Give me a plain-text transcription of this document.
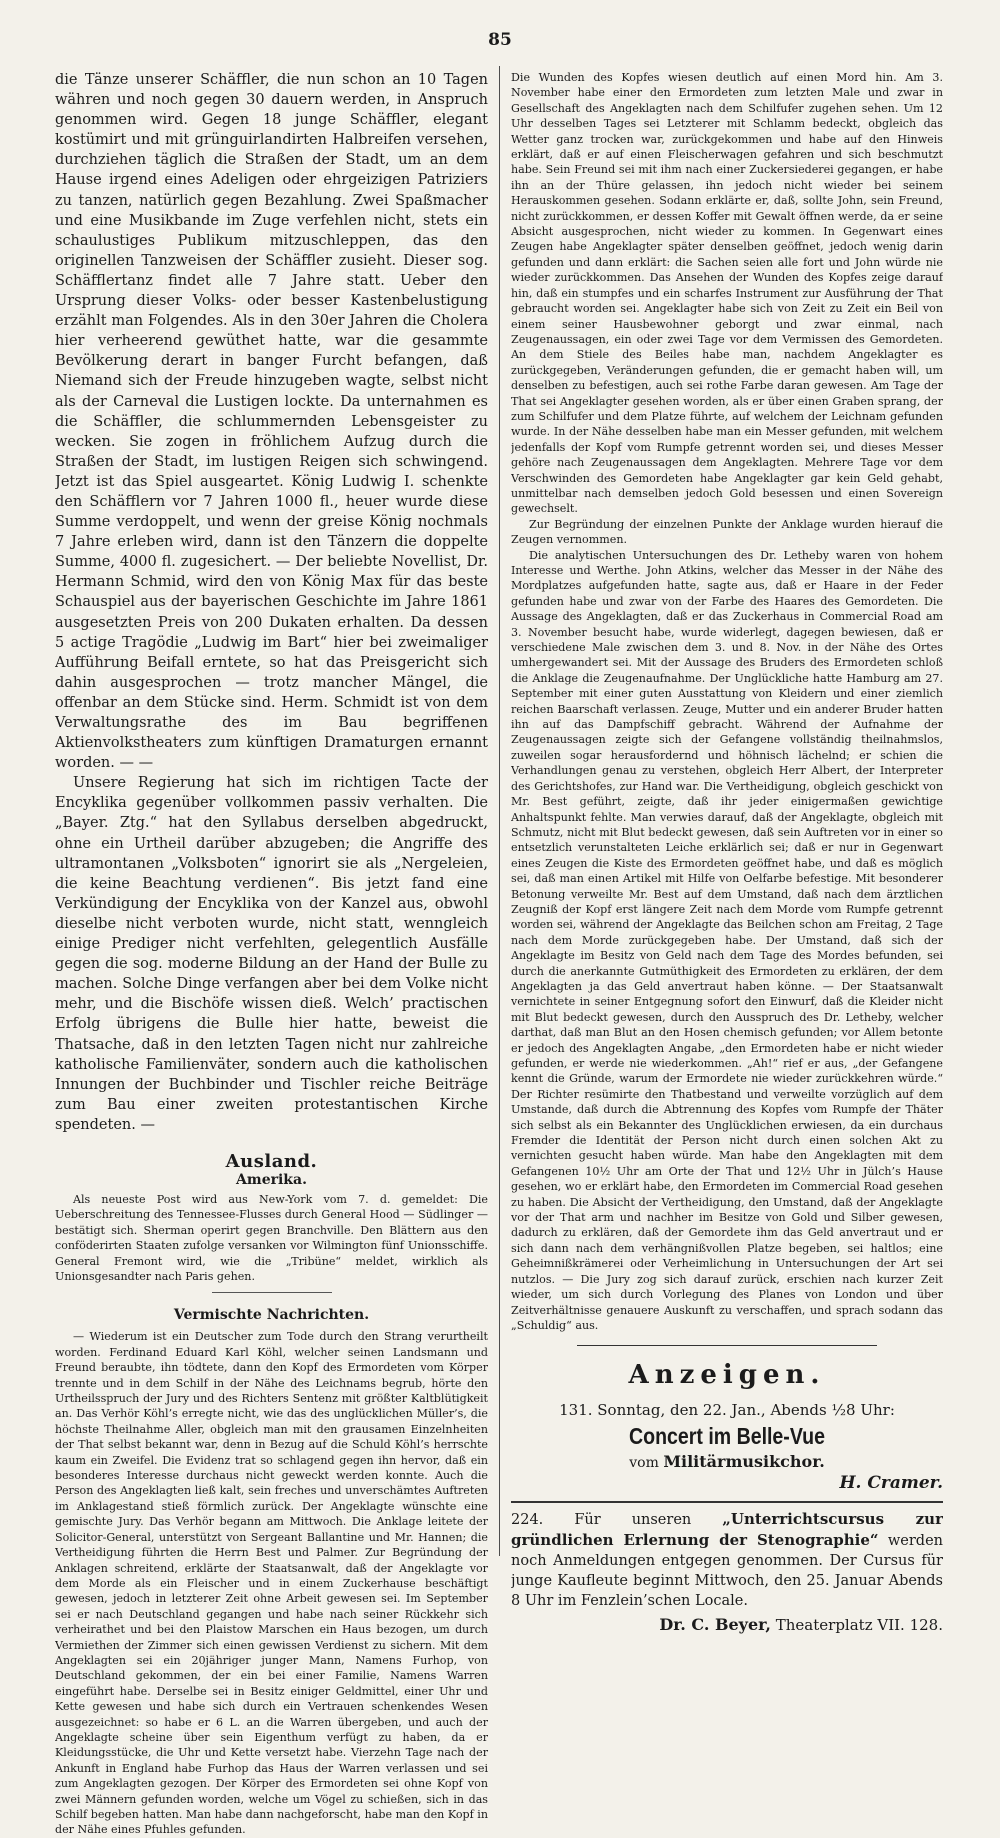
85

die Tänze unserer Schäffler, die nun schon an 10 Tagen währen und noch gegen 30 dauern werden, in Anspruch genommen wird. Gegen 18 junge Schäffler, elegant kostümirt und mit grünguirlandirten Halbreifen versehen, durchziehen täglich die Straßen der Stadt, um an dem Hause irgend eines Adeligen oder ehrgeizigen Patriziers zu tanzen, natürlich gegen Bezahlung. Zwei Spaßmacher und eine Musikbande im Zuge verfehlen nicht, stets ein schaulustiges Publikum mitzuschleppen, das den originellen Tanzweisen der Schäffler zusieht. Dieser sog. Schäfflertanz findet alle 7 Jahre statt. Ueber den Ursprung dieser Volks- oder besser Kastenbelustigung erzählt man Folgendes. Als in den 30er Jahren die Cholera hier verheerend gewüthet hatte, war die gesammte Bevölkerung derart in banger Furcht befangen, daß Niemand sich der Freude hinzugeben wagte, selbst nicht als der Carneval die Lustigen lockte. Da unternahmen es die Schäffler, die schlummernden Lebensgeister zu wecken. Sie zogen in fröhlichem Aufzug durch die Straßen der Stadt, im lustigen Reigen sich schwingend. Jetzt ist das Spiel ausgeartet. König Ludwig I. schenkte den Schäfflern vor 7 Jahren 1000 fl., heuer wurde diese Summe verdoppelt, und wenn der greise König nochmals 7 Jahre erleben wird, dann ist den Tänzern die doppelte Summe, 4000 fl. zugesichert. — Der beliebte Novellist, Dr. Hermann Schmid, wird den von König Max für das beste Schauspiel aus der bayerischen Geschichte im Jahre 1861 ausgesetzten Preis von 200 Dukaten erhalten. Da dessen 5 actige Tragödie „Ludwig im Bart“ hier bei zweimaliger Aufführung Beifall erntete, so hat das Preisgericht sich dahin ausgesprochen — trotz mancher Mängel, die offenbar an dem Stücke sind. Herm. Schmidt ist von dem Verwaltungsrathe des im Bau begriffenen Aktienvolkstheaters zum künftigen Dramaturgen ernannt worden. — —

Unsere Regierung hat sich im richtigen Tacte der Encyklika gegenüber vollkommen passiv verhalten. Die „Bayer. Ztg.“ hat den Syllabus derselben abgedruckt, ohne ein Urtheil darüber abzugeben; die Angriffe des ultramontanen „Volksboten“ ignorirt sie als „Nergeleien, die keine Beachtung verdienen“. Bis jetzt fand eine Verkündigung der Encyklika von der Kanzel aus, obwohl dieselbe nicht verboten wurde, nicht statt, wenngleich einige Prediger nicht verfehlten, gelegentlich Ausfälle gegen die sog. moderne Bildung an der Hand der Bulle zu machen. Solche Dinge verfangen aber bei dem Volke nicht mehr, und die Bischöfe wissen dieß. Welch’ practischen Erfolg übrigens die Bulle hier hatte, beweist die Thatsache, daß in den letzten Tagen nicht nur zahlreiche katholische Familienväter, sondern auch die katholischen Innungen der Buchbinder und Tischler reiche Beiträge zum Bau einer zweiten protestantischen Kirche spendeten. —

Ausland.
Amerika.

Als neueste Post wird aus New-York vom 7. d. gemeldet: Die Ueberschreitung des Tennessee-Flusses durch General Hood — Südlinger — bestätigt sich. Sherman operirt gegen Branchville. Den Blättern aus den conföderirten Staaten zufolge versanken vor Wilmington fünf Unionsschiffe. General Fremont wird, wie die „Tribüne“ meldet, wirklich als Unionsgesandter nach Paris gehen.

Vermischte Nachrichten.

— Wiederum ist ein Deutscher zum Tode durch den Strang verurtheilt worden. Ferdinand Eduard Karl Köhl, welcher seinen Landsmann und Freund beraubte, ihn tödtete, dann den Kopf des Ermordeten vom Körper trennte und in dem Schilf in der Nähe des Leichnams begrub, hörte den Urtheilsspruch der Jury und des Richters Sentenz mit größter Kaltblütigkeit an. Das Verhör Köhl’s erregte nicht, wie das des unglücklichen Müller’s, die höchste Theilnahme Aller, obgleich man mit den grausamen Einzelnheiten der That selbst bekannt war, denn in Bezug auf die Schuld Köhl’s herrschte kaum ein Zweifel. Die Evidenz trat so schlagend gegen ihn hervor, daß ein besonderes Interesse durchaus nicht geweckt werden konnte. Auch die Person des Angeklagten ließ kalt, sein freches und unverschämtes Auftreten im Anklagestand stieß förmlich zurück. Der Angeklagte wünschte eine gemischte Jury. Das Verhör begann am Mittwoch. Die Anklage leitete der Solicitor-General, unterstützt von Sergeant Ballantine und Mr. Hannen; die Vertheidigung führten die Herrn Best und Palmer. Zur Begründung der Anklagen schreitend, erklärte der Staatsanwalt, daß der Angeklagte vor dem Morde als ein Fleischer und in einem Zuckerhause beschäftigt gewesen, jedoch in letzterer Zeit ohne Arbeit gewesen sei. Im September sei er nach Deutschland gegangen und habe nach seiner Rückkehr sich verheirathet und bei den Plaistow Marschen ein Haus bezogen, um durch Vermiethen der Zimmer sich einen gewissen Verdienst zu sichern. Mit dem Angeklagten sei ein 20jähriger junger Mann, Namens Furhop, von Deutschland gekommen, der ein bei einer Familie, Namens Warren eingeführt habe. Derselbe sei in Besitz einiger Geldmittel, einer Uhr und Kette gewesen und habe sich durch ein Vertrauen schenkendes Wesen ausgezeichnet: so habe er 6 L. an die Warren übergeben, und auch der Angeklagte scheine über sein Eigenthum verfügt zu haben, da er Kleidungsstücke, die Uhr und Kette versetzt habe. Vierzehn Tage nach der Ankunft in England habe Furhop das Haus der Warren verlassen und sei zum Angeklagten gezogen. Der Körper des Ermordeten sei ohne Kopf von zwei Männern gefunden worden, welche um Vögel zu schießen, sich in das Schilf begeben hatten. Man habe dann nachgeforscht, habe man den Kopf in der Nähe eines Pfuhles gefunden.

Die Wunden des Kopfes wiesen deutlich auf einen Mord hin. Am 3. November habe einer den Ermordeten zum letzten Male und zwar in Gesellschaft des Angeklagten nach dem Schilfufer zugehen sehen. Um 12 Uhr desselben Tages sei Letzterer mit Schlamm bedeckt, obgleich das Wetter ganz trocken war, zurückgekommen und habe auf den Hinweis erklärt, daß er auf einen Fleischerwagen gefahren und sich beschmutzt habe. Sein Freund sei mit ihm nach einer Zuckersiederei gegangen, er habe ihn an der Thüre gelassen, ihn jedoch nicht wieder bei seinem Herauskommen gesehen. Sodann erklärte er, daß, sollte John, sein Freund, nicht zurückkommen, er dessen Koffer mit Gewalt öffnen werde, da er seine Absicht ausgesprochen, nicht wieder zu kommen. In Gegenwart eines Zeugen habe Angeklagter später denselben geöffnet, jedoch wenig darin gefunden und dann erklärt: die Sachen seien alle fort und John würde nie wieder zurückkommen. Das Ansehen der Wunden des Kopfes zeige darauf hin, daß ein stumpfes und ein scharfes Instrument zur Ausführung der That gebraucht worden sei. Angeklagter habe sich von Zeit zu Zeit ein Beil von einem seiner Hausbewohner geborgt und zwar einmal, nach Zeugenaussagen, ein oder zwei Tage vor dem Vermissen des Gemordeten. An dem Stiele des Beiles habe man, nachdem Angeklagter es zurückgegeben, Veränderungen gefunden, die er gemacht haben will, um denselben zu befestigen, auch sei rothe Farbe daran gewesen. Am Tage der That sei Angeklagter gesehen worden, als er über einen Graben sprang, der zum Schilfufer und dem Platze führte, auf welchem der Leichnam gefunden wurde. In der Nähe desselben habe man ein Messer gefunden, mit welchem jedenfalls der Kopf vom Rumpfe getrennt worden sei, und dieses Messer gehöre nach Zeugenaussagen dem Angeklagten. Mehrere Tage vor dem Verschwinden des Gemordeten habe Angeklagter gar kein Geld gehabt, unmittelbar nach demselben jedoch Gold besessen und einen Sovereign gewechselt.

Zur Begründung der einzelnen Punkte der Anklage wurden hierauf die Zeugen vernommen.

Die analytischen Untersuchungen des Dr. Letheby waren von hohem Interesse und Werthe. John Atkins, welcher das Messer in der Nähe des Mordplatzes aufgefunden hatte, sagte aus, daß er Haare in der Feder gefunden habe und zwar von der Farbe des Haares des Gemordeten. Die Aussage des Angeklagten, daß er das Zuckerhaus in Commercial Road am 3. November besucht habe, wurde widerlegt, dagegen bewiesen, daß er verschiedene Male zwischen dem 3. und 8. Nov. in der Nähe des Ortes umhergewandert sei. Mit der Aussage des Bruders des Ermordeten schloß die Anklage die Zeugenaufnahme. Der Unglückliche hatte Hamburg am 27. September mit einer guten Ausstattung von Kleidern und einer ziemlich reichen Baarschaft verlassen. Zeuge, Mutter und ein anderer Bruder hatten ihn auf das Dampfschiff gebracht. Während der Aufnahme der Zeugenaussagen zeigte sich der Gefangene vollständig theilnahmslos, zuweilen sogar herausfordernd und höhnisch lächelnd; er schien die Verhandlungen genau zu verstehen, obgleich Herr Albert, der Interpreter des Gerichtshofes, zur Hand war. Die Vertheidigung, obgleich geschickt von Mr. Best geführt, zeigte, daß ihr jeder einigermaßen gewichtige Anhaltspunkt fehlte. Man verwies darauf, daß der Angeklagte, obgleich mit Schmutz, nicht mit Blut bedeckt gewesen, daß sein Auftreten vor in einer so entsetzlich verunstalteten Leiche erklärlich sei; daß er nur in Gegenwart eines Zeugen die Kiste des Ermordeten geöffnet habe, und daß es möglich sei, daß man einen Artikel mit Hilfe von Oelfarbe befestige. Mit besonderer Betonung verweilte Mr. Best auf dem Umstand, daß nach dem ärztlichen Zeugniß der Kopf erst längere Zeit nach dem Morde vom Rumpfe getrennt worden sei, während der Angeklagte das Beilchen schon am Freitag, 2 Tage nach dem Morde zurückgegeben habe. Der Umstand, daß sich der Angeklagte im Besitz von Geld nach dem Tage des Mordes befunden, sei durch die anerkannte Gutmüthigkeit des Ermordeten zu erklären, der dem Angeklagten ja das Geld anvertraut haben könne. — Der Staatsanwalt vernichtete in seiner Entgegnung sofort den Einwurf, daß die Kleider nicht mit Blut bedeckt gewesen, durch den Ausspruch des Dr. Letheby, welcher darthat, daß man Blut an den Hosen chemisch gefunden; vor Allem betonte er jedoch des Angeklagten Angabe, „den Ermordeten habe er nicht wieder gefunden, er werde nie wiederkommen. „Ah!“ rief er aus, „der Gefangene kennt die Gründe, warum der Ermordete nie wieder zurückkehren würde.“ Der Richter resümirte den Thatbestand und verweilte vorzüglich auf dem Umstande, daß durch die Abtrennung des Kopfes vom Rumpfe der Thäter sich selbst als ein Bekannter des Unglücklichen erwiesen, da ein durchaus Fremder die Identität der Person nicht durch einen solchen Akt zu vernichten gesucht haben würde. Man habe den Angeklagten mit dem Gefangenen 10½ Uhr am Orte der That und 12½ Uhr in Jülch’s Hause gesehen, wo er erklärt habe, den Ermordeten im Commercial Road gesehen zu haben. Die Absicht der Vertheidigung, den Umstand, daß der Angeklagte vor der That arm und nachher im Besitze von Gold und Silber gewesen, dadurch zu erklären, daß der Gemordete ihm das Geld anvertraut und er sich dann nach dem verhängnißvollen Platze begeben, sei haltlos; eine Geheimnißkrämerei oder Verheimlichung in Untersuchungen der Art sei nutzlos. — Die Jury zog sich darauf zurück, erschien nach kurzer Zeit wieder, um sich durch Vorlegung des Planes von London und über Zeitverhältnisse genauere Auskunft zu verschaffen, und sprach sodann das „Schuldig“ aus.

Anzeigen.
131. Sonntag, den 22. Jan., Abends ½8 Uhr:
Concert im Belle-Vue
vom Militärmusikchor.
H. Cramer.

224. Für unseren „Unterrichtscursus zur gründlichen Erlernung der Stenographie“ werden noch Anmeldungen entgegen genommen. Der Cursus für junge Kaufleute beginnt Mittwoch, den 25. Januar Abends 8 Uhr im Fenzlein’schen Locale.

Dr. C. Beyer, Theaterplatz VII. 128.
